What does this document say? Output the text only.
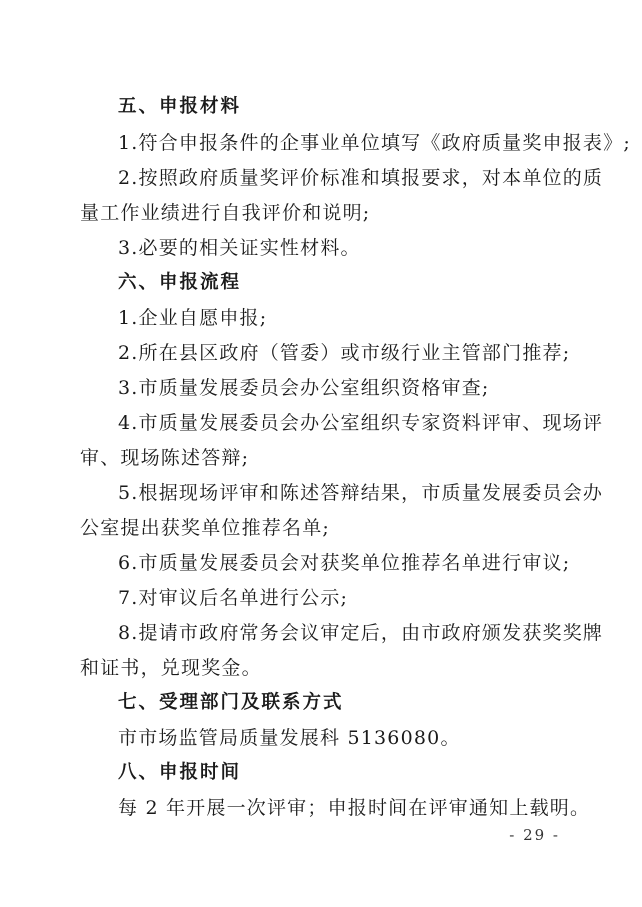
五、申报材料
1.符合申报条件的企事业单位填写《政府质量奖申报表》;
2.按照政府质量奖评价标准和填报要求，对本单位的质
量工作业绩进行自我评价和说明;
3.必要的相关证实性材料。
六、申报流程
1.企业自愿申报;
2.所在县区政府（管委）或市级行业主管部门推荐;
3.市质量发展委员会办公室组织资格审查;
4.市质量发展委员会办公室组织专家资料评审、现场评
审、现场陈述答辩;
5.根据现场评审和陈述答辩结果，市质量发展委员会办
公室提出获奖单位推荐名单;
6.市质量发展委员会对获奖单位推荐名单进行审议;
7.对审议后名单进行公示;
8.提请市政府常务会议审定后，由市政府颁发获奖奖牌
和证书，兑现奖金。
七、受理部门及联系方式
市市场监管局质量发展科 5136080。
八、申报时间
每 2 年开展一次评审；申报时间在评审通知上载明。
- 29 -
